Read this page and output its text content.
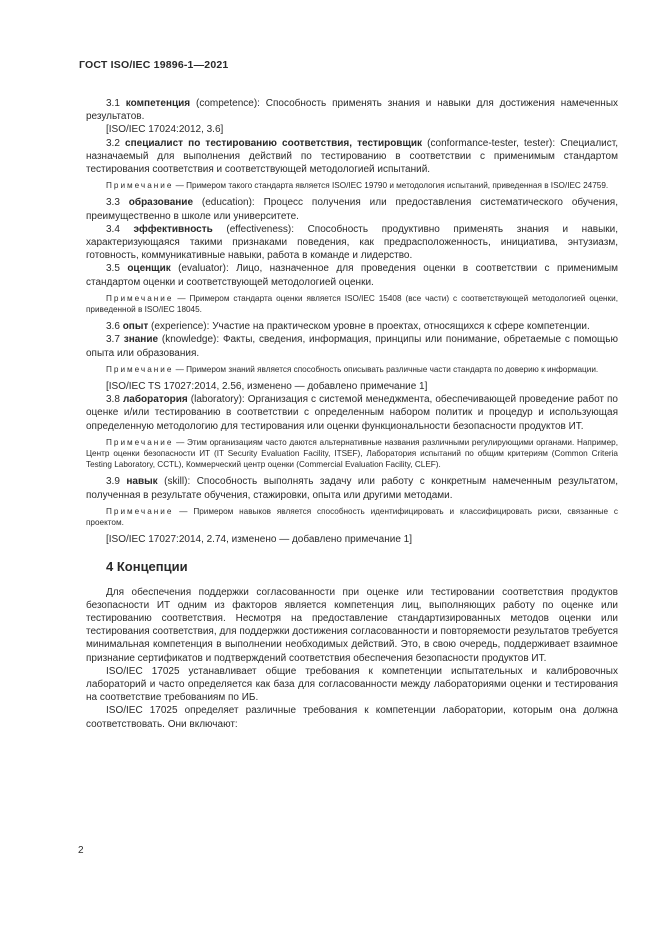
ГОСТ ISO/IEC 19896-1—2021

3.1 компетенция (competence): Способность применять знания и навыки для достижения намеченных результатов.

[ISO/IEC 17024:2012, 3.6]

3.2 специалист по тестированию соответствия, тестировщик (conformance-tester, tester): Специалист, назначаемый для выполнения действий по тестированию в соответствии с применимым стандартом тестирования соответствия и соответствующей методологией испытаний.

Примечание — Примером такого стандарта является ISO/IEC 19790 и методология испытаний, приведенная в ISO/IEC 24759.

3.3 образование (education): Процесс получения или предоставления систематического обучения, преимущественно в школе или университете.

3.4 эффективность (effectiveness): Способность продуктивно применять знания и навыки, характеризующаяся такими признаками поведения, как предрасположенность, инициатива, энтузиазм, готовность, коммуникативные навыки, работа в команде и лидерство.

3.5 оценщик (evaluator): Лицо, назначенное для проведения оценки в соответствии с применимым стандартом оценки и соответствующей методологией оценки.

Примечание — Примером стандарта оценки является ISO/IEC 15408 (все части) с соответствующей методологией оценки, приведенной в ISO/IEC 18045.

3.6 опыт (experience): Участие на практическом уровне в проектах, относящихся к сфере компетенции.

3.7 знание (knowledge): Факты, сведения, информация, принципы или понимание, обретаемые с помощью опыта или образования.

Примечание — Примером знаний является способность описывать различные части стандарта по доверию к информации.

[ISO/IEC TS 17027:2014, 2.56, изменено — добавлено примечание 1]

3.8 лаборатория (laboratory): Организация с системой менеджмента, обеспечивающей проведение работ по оценке и/или тестированию в соответствии с определенным набором политик и процедур и использующая определенную методологию для тестирования или оценки функциональности безопасности продуктов ИТ.

Примечание — Этим организациям часто даются альтернативные названия различными регулирующими органами. Например, Центр оценки безопасности ИТ (IT Security Evaluation Facility, ITSEF), Лаборатория испытаний по общим критериям (Common Criteria Testing Laboratory, CCTL), Коммерческий центр оценки (Commercial Evaluation Facility, CLEF).

3.9 навык (skill): Способность выполнять задачу или работу с конкретным намеченным результатом, полученная в результате обучения, стажировки, опыта или другими методами.

Примечание — Примером навыков является способность идентифицировать и классифицировать риски, связанные с проектом.

[ISO/IEC 17027:2014, 2.74, изменено — добавлено примечание 1]

4 Концепции

Для обеспечения поддержки согласованности при оценке или тестировании соответствия продуктов безопасности ИТ одним из факторов является компетенция лиц, выполняющих работу по оценке или тестированию соответствия. Несмотря на предоставление стандартизированных методов оценки или тестирования соответствия, для поддержки достижения согласованности и повторяемости результатов требуется минимальная компетенция в выполнении необходимых действий. Это, в свою очередь, поддерживает взаимное признание сертификатов и подтверждений соответствия обеспечения безопасности продуктов ИТ.

ISO/IEC 17025 устанавливает общие требования к компетенции испытательных и калибровочных лабораторий и часто определяется как база для согласованности между лабораториями оценки и тестирования на соответствие требованиям по ИБ.

ISO/IEC 17025 определяет различные требования к компетенции лаборатории, которым она должна соответствовать. Они включают:

2
